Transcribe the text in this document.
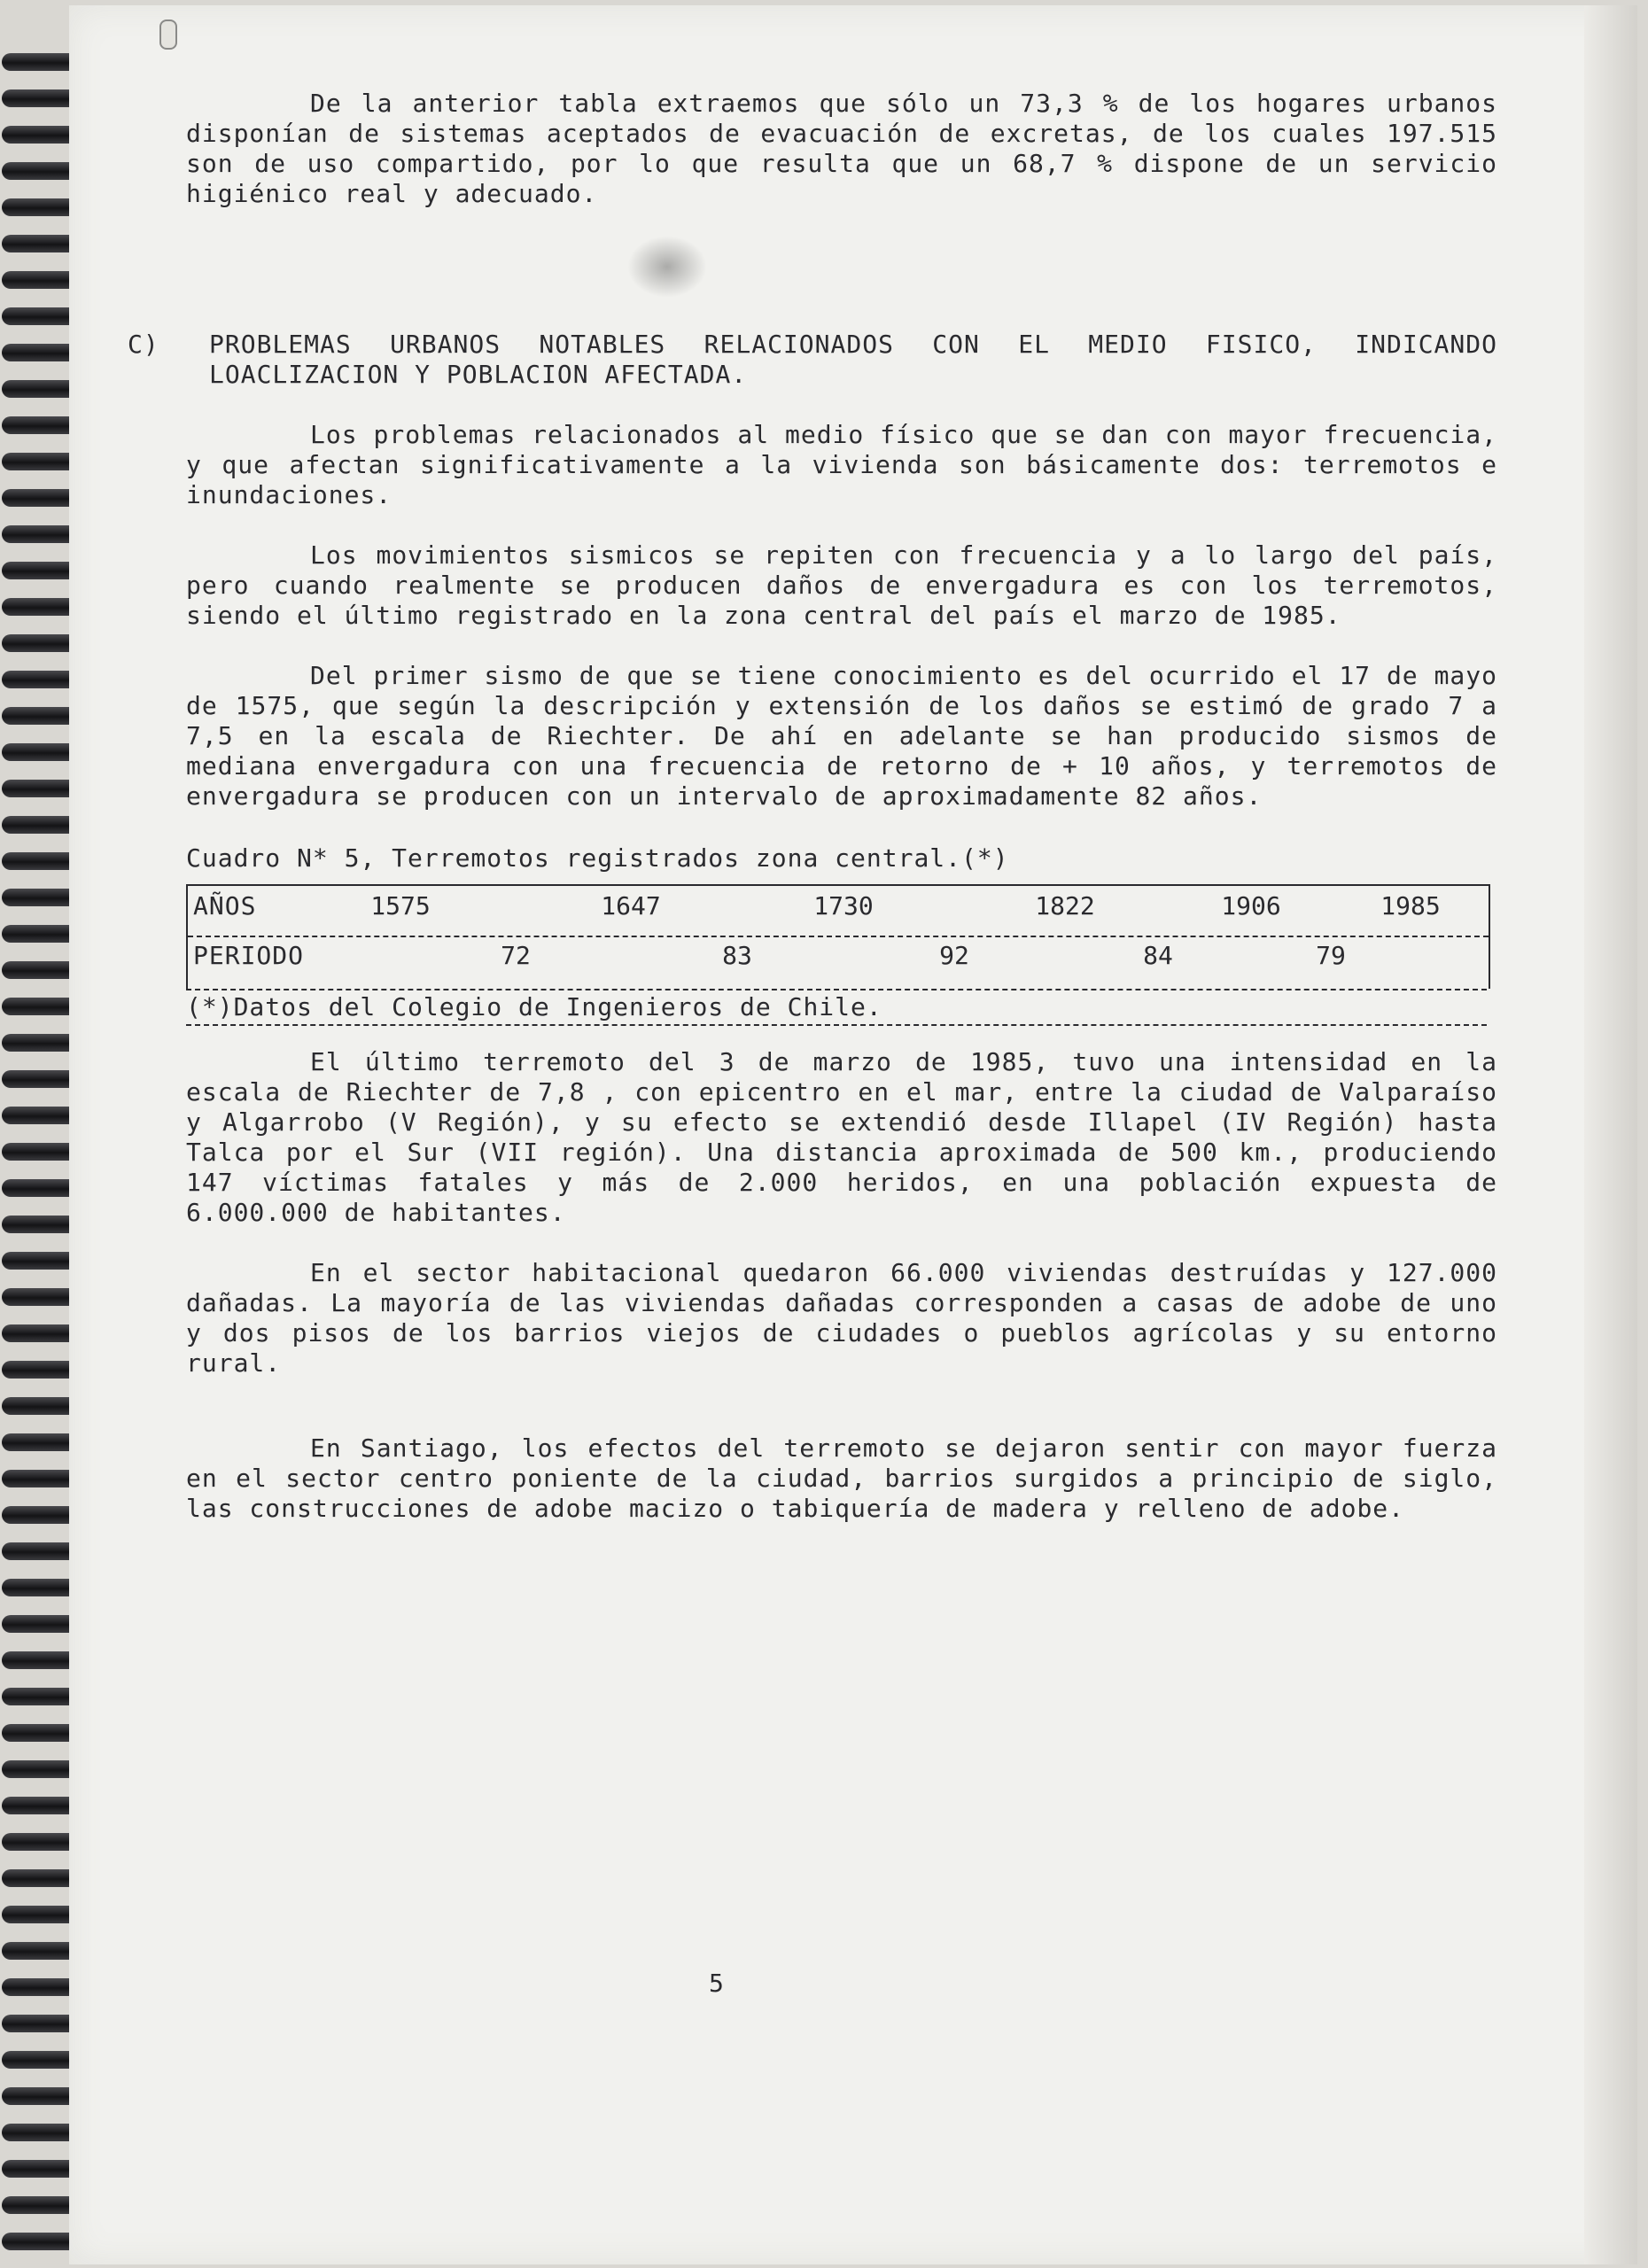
De la anterior tabla extraemos que sólo un 73,3 % de los hogares urbanos disponían de sistemas aceptados de evacuación de excretas, de los cuales 197.515 son de uso compartido, por lo que resulta que un 68,7 % dispone de un servicio higiénico real y adecuado.

C)	PROBLEMAS URBANOS NOTABLES RELACIONADOS CON EL MEDIO FISICO, INDICANDO LOACLIZACION Y POBLACION AFECTADA.

Los problemas relacionados al medio físico que se dan con mayor frecuencia, y que afectan significativamente a la vivienda son básicamente dos: terremotos e inundaciones.

Los movimientos sismicos se repiten con frecuencia y a lo largo del país, pero cuando realmente se producen daños de envergadura es con los terremotos, siendo el último registrado en la zona central del país el marzo de 1985.

Del primer sismo de que se tiene conocimiento es del ocurrido el 17 de mayo de 1575, que según la descripción y extensión de los daños se estimó de grado 7 a 7,5 en la escala de Riechter. De ahí en adelante se han producido sismos de mediana envergadura con una frecuencia de retorno de + 10 años, y terremotos de envergadura se producen con un intervalo de aproximadamente 82 años.

Cuadro N* 5, Terremotos registrados zona central.(*)
AÑOS	1575	1647	1730	1822	1906	1985
PERIODO	72	83	92	84	79
(*)Datos del Colegio de Ingenieros de Chile.

El último terremoto del 3 de marzo de 1985, tuvo una intensidad en la escala de Riechter de 7,8 , con epicentro en el mar, entre la ciudad de Valparaíso y Algarrobo (V Región), y su efecto se extendió desde Illapel (IV Región) hasta Talca por el Sur (VII región). Una distancia aproximada de 500 km., produciendo 147 víctimas fatales y más de 2.000 heridos, en una población expuesta de 6.000.000 de habitantes.

En el sector habitacional quedaron 66.000 viviendas destruídas y 127.000 dañadas. La mayoría de las viviendas dañadas corresponden a casas de adobe de uno y dos pisos de los barrios viejos de ciudades o pueblos agrícolas y su entorno rural.

En Santiago, los efectos del terremoto se dejaron sentir con mayor fuerza en el sector centro poniente de la ciudad, barrios surgidos a principio de siglo, las construcciones de adobe macizo o tabiquería de madera y relleno de adobe.

5
